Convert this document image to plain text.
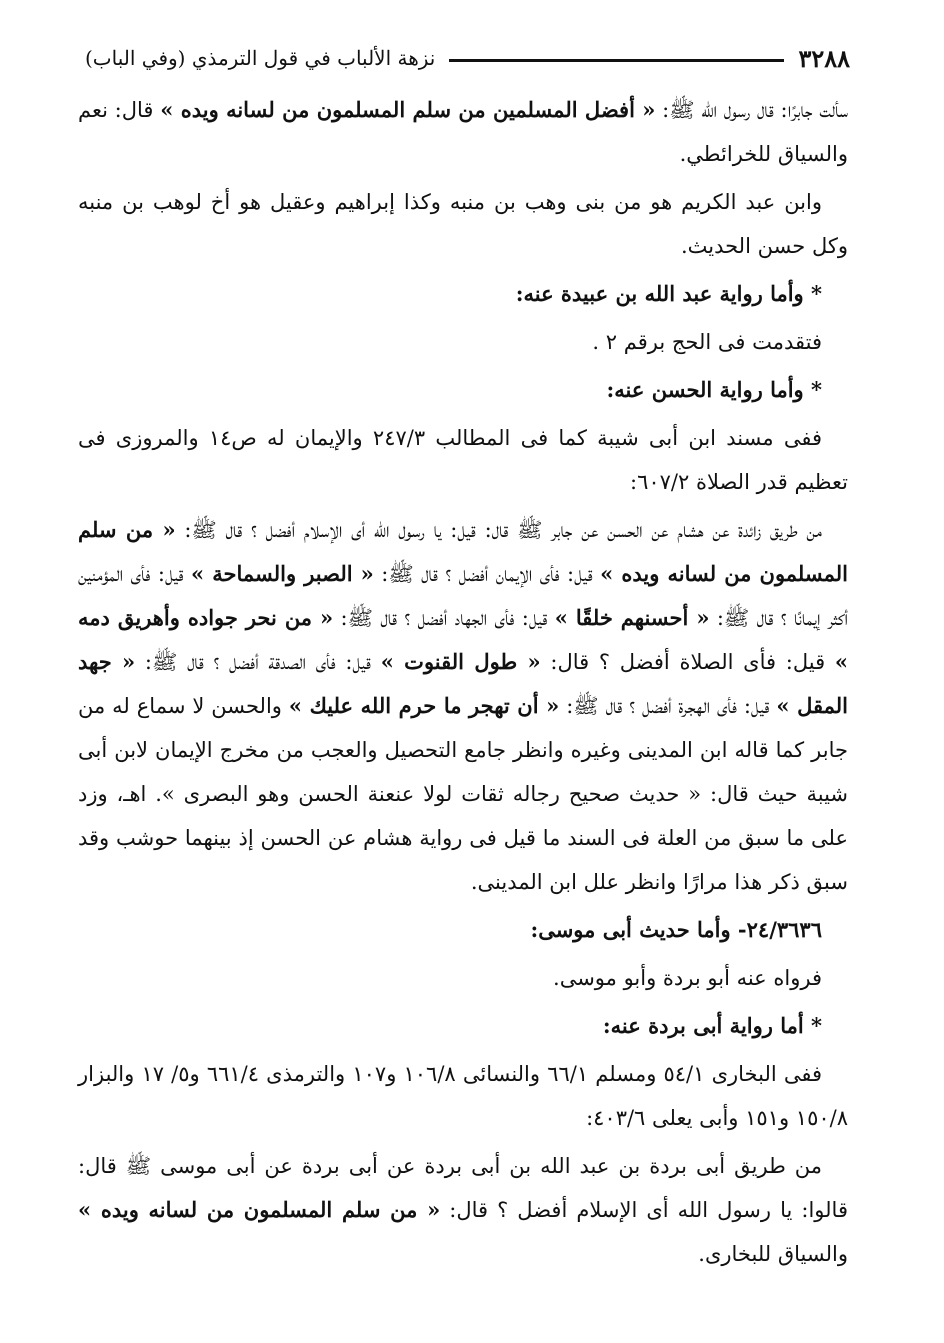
نزهة الألباب في قول الترمذي (وفي الباب)	٣٢٨٨

سألت جابرًا: قال رسول الله ﷺ: « أفضل المسلمين من سلم المسلمون من لسانه ويده » قال: نعم والسياق للخرائطي.

وابن عبد الكريم هو من بنى وهب بن منبه وكذا إبراهيم وعقيل هو أخ لوهب بن منبه وكل حسن الحديث.

* وأما رواية عبد الله بن عبيدة عنه:

فتقدمت فى الحج برقم ٢ .

* وأما رواية الحسن عنه:

ففى مسند ابن أبى شيبة كما فى المطالب ٢٤٧/٣ والإيمان له ص١٤ والمروزى فى تعظيم قدر الصلاة ٦٠٧/٢:

من طريق زائدة عن هشام عن الحسن عن جابر ﷺ قال: قيل: يا رسول الله أى الإسلام أفضل ؟ قال ﷺ: « من سلم المسلمون من لسانه ويده » قيل: فأى الإيمان أفضل ؟ قال ﷺ: « الصبر والسماحة » قيل: فأى المؤمنين أكثر إيمانًا ؟ قال ﷺ: « أحسنهم خلقًا » قيل: فأى الجهاد أفضل ؟ قال ﷺ: « من نحر جواده وأهريق دمه » قيل: فأى الصلاة أفضل ؟ قال: « طول القنوت » قيل: فأى الصدقة أفضل ؟ قال ﷺ: « جهد المقل » قيل: فأى الهجرة أفضل ؟ قال ﷺ: « أن تهجر ما حرم الله عليك » والحسن لا سماع له من جابر كما قاله ابن المدينى وغيره وانظر جامع التحصيل والعجب من مخرج الإيمان لابن أبى شيبة حيث قال: « حديث صحيح رجاله ثقات لولا عنعنة الحسن وهو البصرى ». اهـ، وزد على ما سبق من العلة فى السند ما قيل فى رواية هشام عن الحسن إذ بينهما حوشب وقد سبق ذكر هذا مرارًا وانظر علل ابن المدينى.

٢٤/٣٦٣٦- وأما حديث أبى موسى:

فرواه عنه أبو بردة وأبو موسى.

* أما رواية أبى بردة عنه:

ففى البخارى ٥٤/١ ومسلم ٦٦/١ والنسائى ١٠٦/٨ و١٠٧ والترمذى ٦٦١/٤ و٥/ ١٧ والبزار ١٥٠/٨ و١٥١ وأبى يعلى ٤٠٣/٦:

من طريق أبى بردة بن عبد الله بن أبى بردة عن أبى بردة عن أبى موسى ﷺ قال: قالوا: يا رسول الله أى الإسلام أفضل ؟ قال: « من سلم المسلمون من لسانه ويده » والسياق للبخارى.
